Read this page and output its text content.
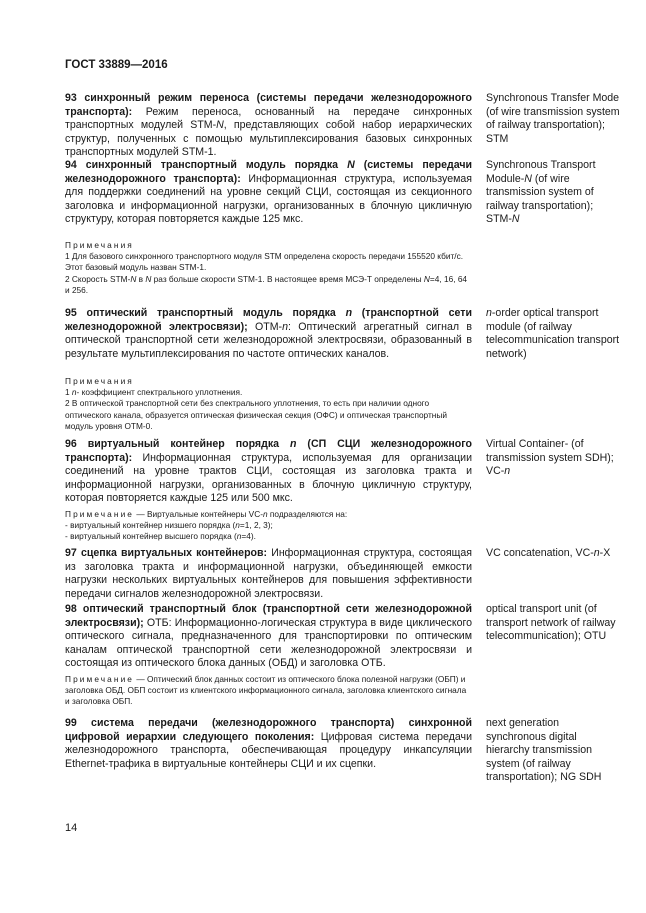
ГОСТ 33889—2016
93 синхронный режим переноса (системы передачи железнодорожного транспорта): Режим переноса, основанный на передаче синхронных транспортных модулей STM-N, представляющих собой набор иерархических структур, полученных с помощью мультиплексирования базовых синхронных транспортных модулей STM-1.
Synchronous Transfer Mode (of wire transmission system of railway transportation); STM
94 синхронный транспортный модуль порядка N (системы передачи железнодорожного транспорта): Информационная структура, используемая для поддержки соединений на уровне секций СЦИ, состоящая из секционного заголовка и информационной нагрузки, организованных в блочную цикличную структуру, которая повторяется каждые 125 мкс.
Synchronous Transport Module-N (of wire transmission system of railway transportation); STM-N

Примечания

1 Для базового синхронного транспортного модуля STM определена скорость передачи 155520 кбит/с. Этот базовый модуль назван STM-1.

2 Скорость STM-N в N раз больше скорости STM-1. В настоящее время МСЭ-Т определены N=4, 16, 64 и 256.

95 оптический транспортный модуль порядка n (транспортной сети железнодорожной электросвязи); ОТМ-n: Оптический агрегатный сигнал в оптической транспортной сети железнодорожной электросвязи, образованный в результате мультиплексирования по частоте оптических каналов.
n-order optical transport module (of railway telecommunication transport network)

Примечания

1 n- коэффициент спектрального уплотнения.

2 В оптической транспортной сети без спектрального уплотнения, то есть при наличии одного оптического канала, образуется оптическая физическая секция (ОФС) и оптическая транспортный модуль уровня ОТМ-0.

96 виртуальный контейнер порядка n (СП СЦИ железнодорожного транспорта): Информационная структура, используемая для организации соединений на уровне трактов СЦИ, состоящая из заголовка тракта и информационной нагрузки, организованных в блочную цикличную структуру, которая повторяется каждые 125 или 500 мкс.
Virtual Container- (of transmission system SDH); VC-n

Примечание — Виртуальные контейнеры VC-n подразделяются на:

- виртуальный контейнер низшего порядка (n=1, 2, 3);

- виртуальный контейнер высшего порядка (n=4).

97 сцепка виртуальных контейнеров: Информационная структура, состоящая из заголовка тракта и информационной нагрузки, объединяющей емкости нагрузки нескольких виртуальных контейнеров для повышения эффективности передачи сигналов железнодорожной электросвязи.
VC concatenation, VC-n-X
98 оптический транспортный блок (транспортной сети железнодорожной электросвязи); ОТБ: Информационно-логическая структура в виде циклического оптического сигнала, предназначенного для транспортировки по оптическим каналам оптической транспортной сети железнодорожной электросвязи и состоящая из оптического блока данных (ОБД) и заголовка ОТБ.
optical transport unit (of transport network of railway telecommunication); OTU

Примечание — Оптический блок данных состоит из оптического блока полезной нагрузки (ОБП) и заголовка ОБД. ОБП состоит из клиентского информационного сигнала, заголовка клиентского сигнала и заголовка ОБП.

99 система передачи (железнодорожного транспорта) синхронной цифровой иерархии следующего поколения: Цифровая система передачи железнодорожного транспорта, обеспечивающая процедуру инкапсуляции Ethernet-трафика в виртуальные контейнеры СЦИ и их сцепки.
next generation synchronous digital hierarchy transmission system (of railway transportation); NG SDH
14
